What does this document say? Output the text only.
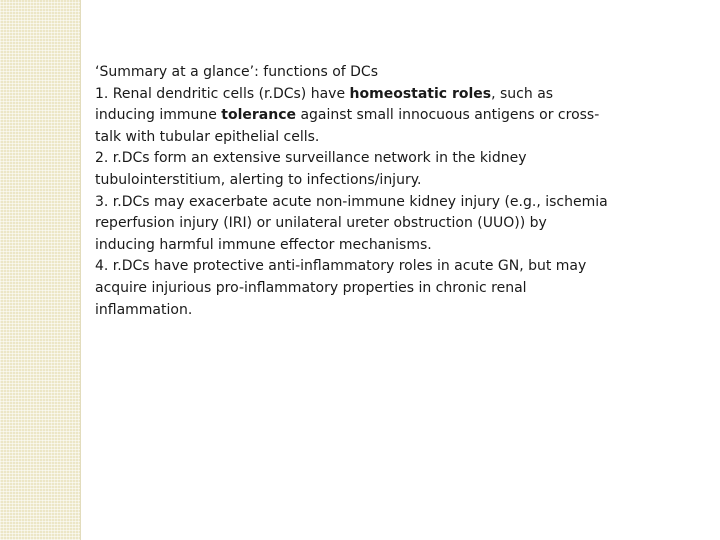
‘Summary at a glance’: functions of DCs
1. Renal dendritic cells (r.DCs) have homeostatic roles, such as
inducing immune tolerance against small innocuous antigens or cross-
talk with tubular epithelial cells.
2. r.DCs form an extensive surveillance network in the kidney
tubulointerstitium, alerting to infections/injury.
3. r.DCs may exacerbate acute non-immune kidney injury (e.g., ischemia
reperfusion injury (IRI) or unilateral ureter obstruction (UUO)) by
inducing harmful immune effector mechanisms.
4. r.DCs have protective anti-inflammatory roles in acute GN, but may
acquire injurious pro-inflammatory properties in chronic renal
inflammation.
